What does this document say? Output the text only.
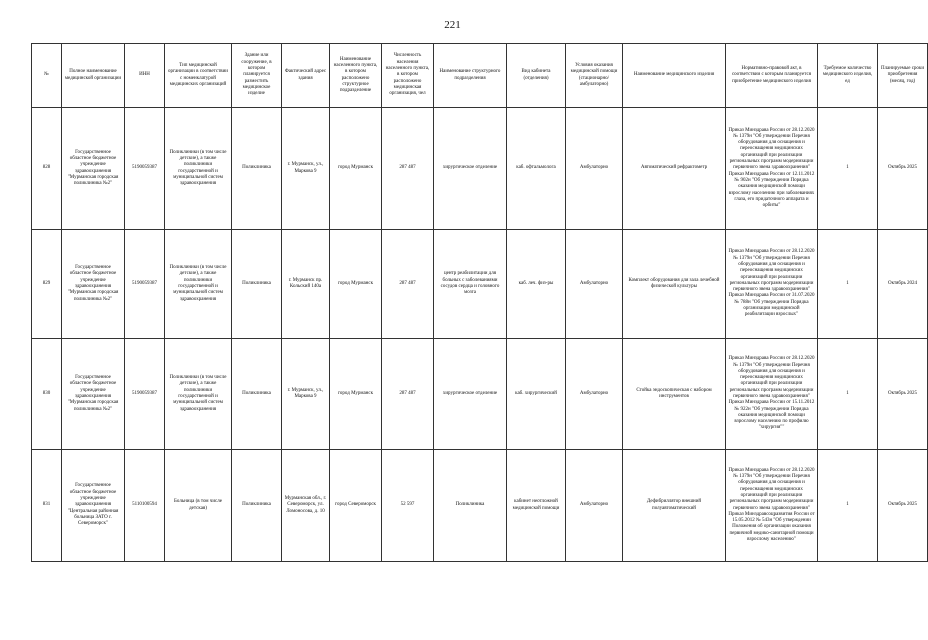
221
№	Полное наименование медицинской организации	ИНН	Тип медицинской организации в соответствии с номенклатурой медицинских организаций	Здание или сооружение, в котором планируется разместить медицинское изделие	Фактический адрес здания	Наименование населенного пункта, в котором расположено структурное подразделение	Численность населения населенного пункта, в котором расположено медицинская организация, чел	Наименование структурного подразделения	Вид кабинета (отделения)	Условия оказания медицинской помощи (стационарно/амбулаторно)	Наименование медицинского изделия	Нормативно-правовой акт, в соответствии с которым планируется приобретение медицинского изделия	Требуемое количество медицинского изделия, ед	Планируемые сроки приобретения (месяц, год)
828	Государственное областное бюджетное учреждение здравоохранения "Мурманская городская поликлиника №2"	5190059387	Поликлиники (в том числе детские), а также поликлиники государственной и муниципальной систем здравоохранения	Поликлиника	г. Мурманск, ул., Маркова 9	город Мурманск	287 487	хирургическое отделение	каб. офтальмолога	Амбулаторно	Автоматический рефрактометр	Приказ Минздрава России от 28.12.2020 № 1379н "Об утверждении Перечня оборудования для оснащения и переоснащения медицинских организаций при реализации региональных программ модернизации первичного звена здравоохранения" Приказ Минздрава России от 12.11.2012 № 902н "Об утверждении Порядка оказания медицинской помощи взрослому населению при заболеваниях глаза, его придаточного аппарата и орбиты"	1	Октябрь 2025
829	Государственное областное бюджетное учреждение здравоохранения "Мурманская городская поликлиника №2"	5190059387	Поликлиники (в том числе детские), а также поликлиники государственной и муниципальной систем здравоохранения	Поликлиника	г. Мурманск пр. Кольский 140а	город Мурманск	287 487	центр реабилитации для больных с заболеваниями сосудов сердца и головного мозга	каб. леч. физ-ры	Амбулаторно	Комплект оборудования для зала лечебной физической культуры	Приказ Минздрава России от 28.12.2020 № 1379н "Об утверждении Перечня оборудования для оснащения и переоснащения медицинских организаций при реализации региональных программ модернизации первичного звена здравоохранения" Приказ Минздрава России от 31.07.2020 № 788н "Об утверждении Порядка организации медицинской реабилитации взрослых"	1	Октябрь 2024
830	Государственное областное бюджетное учреждение здравоохранения "Мурманская городская поликлиника №2"	5190059387	Поликлиники (в том числе детские), а также поликлиники государственной и муниципальной систем здравоохранения	Поликлиника	г. Мурманск, ул., Маркова 9	город Мурманск	287 487	хирургическое отделение	каб. хирургический	Амбулаторно	Стойка эндоскопическая с набором инструментов	Приказ Минздрава России от 28.12.2020 № 1379н "Об утверждении Перечня оборудования для оснащения и переоснащения медицинских организаций при реализации региональных программ модернизации первичного звена здравоохранения" Приказ Минздрава России от 15.11.2012 № 922н "Об утверждении Порядка оказания медицинской помощи взрослому населению по профилю "хирургия""	1	Октябрь 2025
831	Государственное областное бюджетное учреждение здравоохранения "Центральная районная больница ЗАТО г. Североморск"	5110100594	Больница (в том числе детская)	Поликлиника	Мурманская обл., г. Североморск, ул. Ломоносова, д. 10	город Североморск	52 597	Поликлиника	кабинет неотложной медицинской помощи	Амбулаторно	Дефибриллятор внешний полуавтоматический	Приказ Минздрава России от 28.12.2020 № 1379н "Об утверждении Перечня оборудования для оснащения и переоснащения медицинских организаций при реализации региональных программ модернизации первичного звена здравоохранения" Приказ Минздравсоцразвития России от 15.05.2012 № 543н "Об утверждении Положения об организации оказания первичной медико-санитарной помощи взрослому населению"	1	Октябрь 2025
